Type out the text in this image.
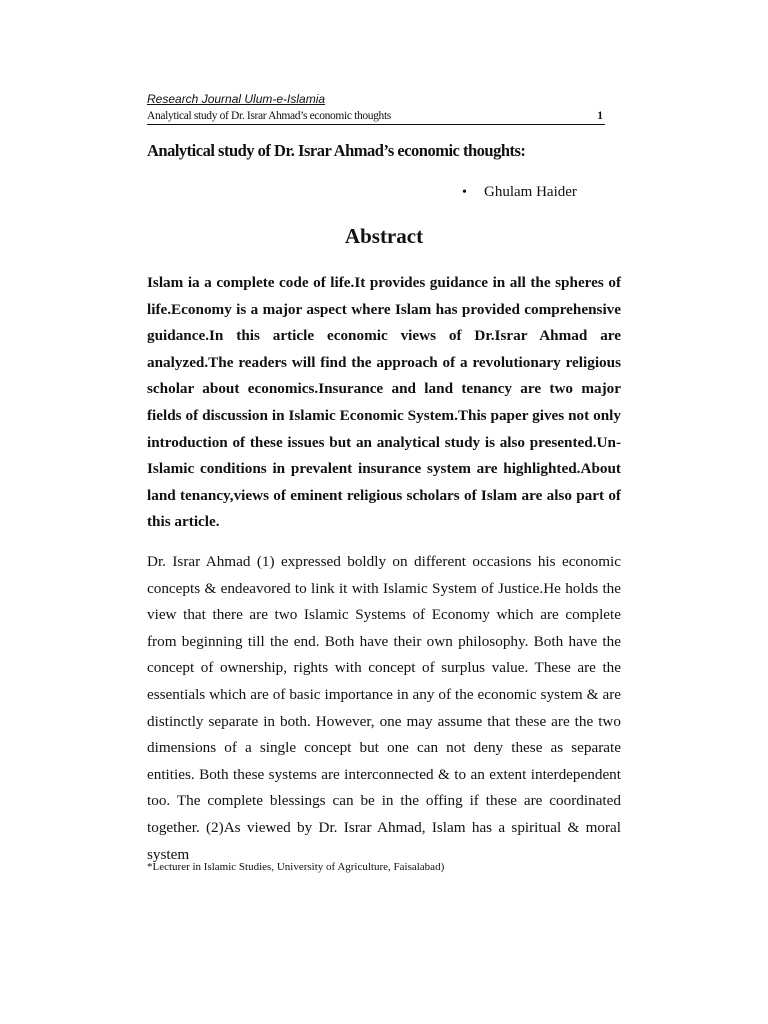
Research Journal Ulum-e-Islamia
Analytical study of Dr. Israr Ahmad’s economic thoughts	1
Analytical study of Dr. Israr Ahmad’s economic thoughts:
• Ghulam Haider
Abstract

Islam ia a complete code of life.It provides guidance in all the spheres of life.Economy is a major aspect where Islam has provided comprehensive guidance.In this article economic views of Dr.Israr Ahmad are analyzed.The readers will find the approach of a revolutionary religious scholar about economics.Insurance and land tenancy are two major fields of discussion in Islamic Economic System.This paper gives not only introduction of these issues but an analytical study is also presented.Un-Islamic conditions in prevalent insurance system are highlighted.About land tenancy,views of eminent religious scholars of Islam are also part of this article.

Dr. Israr Ahmad (1) expressed boldly on different occasions his economic concepts & endeavored to link it with Islamic System of Justice.He holds the view that there are two Islamic Systems of Economy which are complete from beginning till the end. Both have their own philosophy. Both have the concept of ownership, rights with concept of surplus value. These are the essentials which are of basic importance in any of the economic system & are distinctly separate in both. However, one may assume that these are the two dimensions of a single concept but one can not deny these as separate entities. Both these systems are interconnected & to an extent interdependent too. The complete blessings can be in the offing if these are coordinated together. (2)As viewed by Dr. Israr Ahmad, Islam has a spiritual & moral system

*Lecturer in Islamic Studies, University of Agriculture, Faisalabad)
